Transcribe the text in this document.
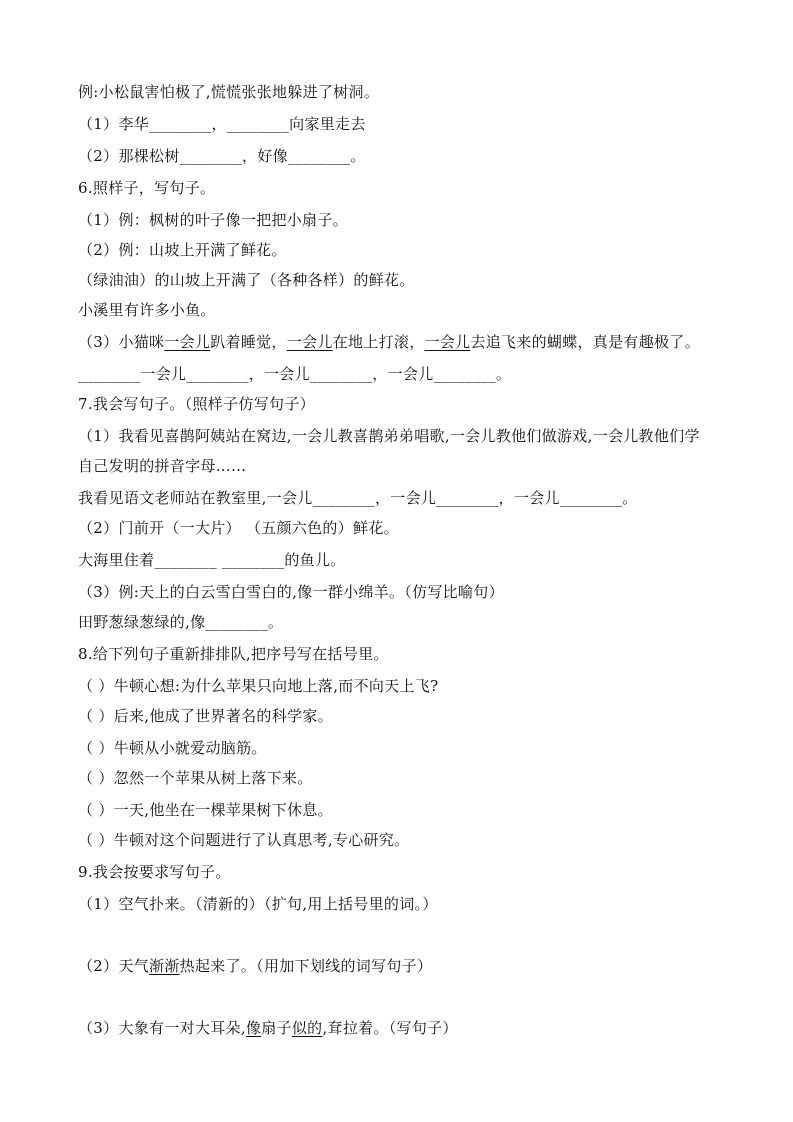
例:小松鼠害怕极了,慌慌张张地躲进了树洞。
（1）李华________，________向家里走去
（2）那棵松树________，好像________。
6.照样子，写句子。
（1）例：枫树的叶子像一把把小扇子。
（2）例：山坡上开满了鲜花。
（绿油油）的山坡上开满了（各种各样）的鲜花。
小溪里有许多小鱼。
（3）小猫咪一会儿趴着睡觉，一会儿在地上打滚，一会儿去追飞来的蝴蝶，真是有趣极了。
________一会儿________，一会儿________，一会儿________。
7.我会写句子。（照样子仿写句子）
（1）我看见喜鹊阿姨站在窝边,一会儿教喜鹊弟弟唱歌,一会儿教他们做游戏,一会儿教他们学
自己发明的拼音字母……
我看见语文老师站在教室里,一会儿________，一会儿________，一会儿________。
（2）门前开（一大片） （五颜六色的）鲜花。
大海里住着________ ________的鱼儿。
（3）例:天上的白云雪白雪白的,像一群小绵羊。（仿写比喻句）
田野葱绿葱绿的,像________。
8.给下列句子重新排排队,把序号写在括号里。
（ ）牛顿心想:为什么苹果只向地上落,而不向天上飞?
（ ）后来,他成了世界著名的科学家。
（ ）牛顿从小就爱动脑筋。
（ ）忽然一个苹果从树上落下来。
（ ）一天,他坐在一棵苹果树下休息。
（ ）牛顿对这个问题进行了认真思考,专心研究。
9.我会按要求写句子。
（1）空气扑来。（清新的）（扩句,用上括号里的词。）
（2）天气渐渐热起来了。（用加下划线的词写句子）
（3）大象有一对大耳朵,像扇子似的,耷拉着。（写句子）
